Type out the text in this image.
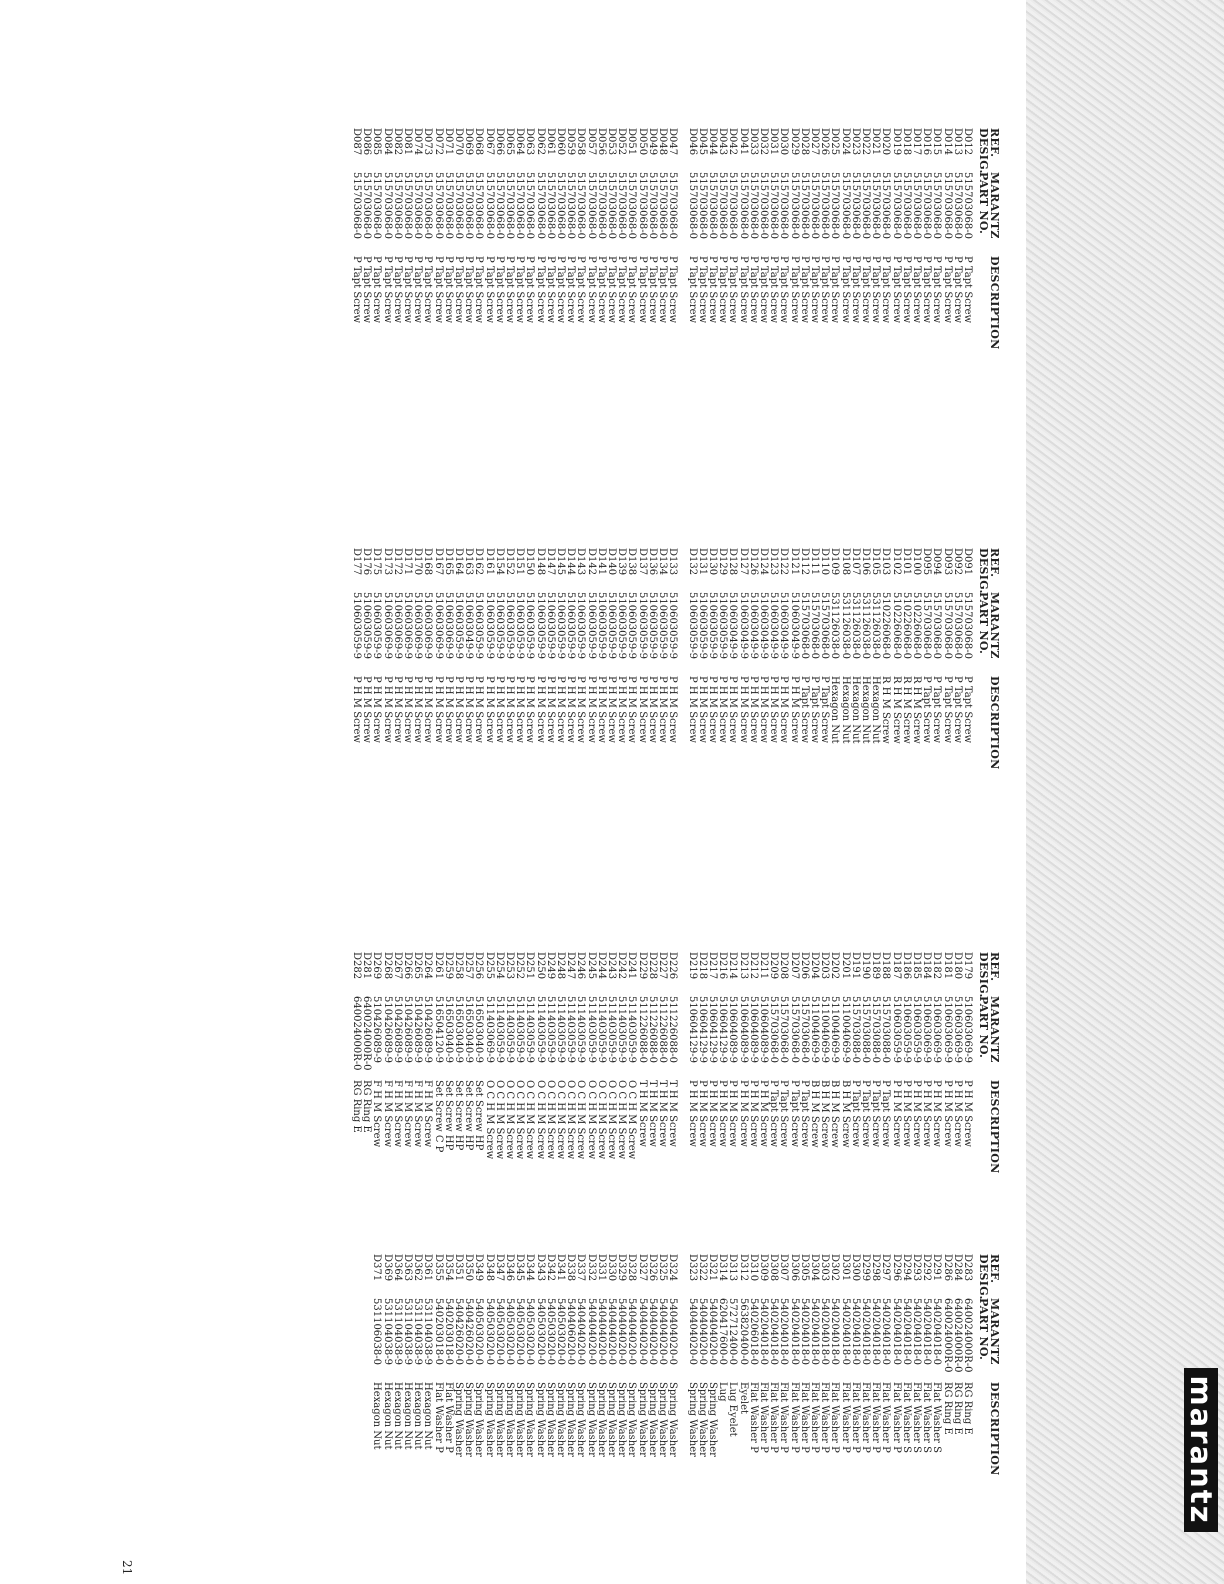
marantz
21
REF.
DESIG.
MARANTZ
PART NO.
DESCRIPTION
D012
515703068-0
P Tapt Screw
D013
515703068-0
P Tapt Screw
D014
515703068-0
P Tapt Screw
D015
515703068-0
P Tapt Screw
D016
515703068-0
P Tapt Screw
D017
515703068-0
P Tapt Screw
D018
515703068-0
P Tapt Screw
D019
515703068-0
P Tapt Screw
D020
515703068-0
P Tapt Screw
D021
515703068-0
P Tapt Screw
D022
515703068-0
P Tapt Screw
D023
515703068-0
P Tapt Screw
D024
515703068-0
P Tapt Screw
D025
515703068-0
P Tapt Screw
D026
515703068-0
P Tapt Screw
D027
515703068-0
P Tapt Screw
D028
515703068-0
P Tapt Screw
D029
515703068-0
P Tapt Screw
D030
515703068-0
P Tapt Screw
D031
515703068-0
P Tapt Screw
D032
515703068-0
P Tapt Screw
D033
515703068-0
P Tapt Screw
D041
515703068-0
P Tapt Screw
D042
515703068-0
P Tapt Screw
D043
515703068-0
P Tapt Screw
D044
515703068-0
P Tapt Screw
D045
515703068-0
P Tapt Screw
D046
515703068-0
P Tapt Screw
D047
515703068-0
P Tapt Screw
D048
515703068-0
P Tapt Screw
D049
515703068-0
P Tapt Screw
D050
515703068-0
P Tapt Screw
D051
515703068-0
P Tapt Screw
D052
515703068-0
P Tapt Screw
D053
515703068-0
P Tapt Screw
D056
515703068-0
P Tapt Screw
D057
515703068-0
P Tapt Screw
D058
515703068-0
P Tapt Screw
D059
515703068-0
P Tapt Screw
D060
515703068-0
P Tapt Screw
D061
515703068-0
P Tapt Screw
D062
515703068-0
P Tapt Screw
D063
515703068-0
P Tapt Screw
D064
515703068-0
P Tapt Screw
D065
515703068-0
P Tapt Screw
D066
515703068-0
P Tapt Screw
D067
515703068-0
P Tapt Screw
D068
515703068-0
P Tapt Screw
D069
515703068-0
P Tapt Screw
D070
515703068-0
P Tapt Screw
D071
515703068-0
P Tapt Screw
D072
515703068-0
P Tapt Screw
D073
515703068-0
P Tapt Screw
D074
515703068-0
P Tapt Screw
D081
515703068-0
P Tapt Screw
D082
515703068-0
P Tapt Screw
D084
515703068-0
P Tapt Screw
D085
515703068-0
P Tapt Screw
D086
515703068-0
P Tapt Screw
D087
515703068-0
P Tapt Screw
REF.
DESIG.
MARANTZ
PART NO.
DESCRIPTION
D091
515703068-0
P Tapt Screw
D092
515703068-0
P Tapt Screw
D093
515703068-0
P Tapt Screw
D094
515703068-0
P Tapt Screw
D095
515703068-0
P Tapt Screw
D100
510226068-0
R H M Screw
D101
510226068-0
R H M Screw
D102
510226068-0
R H M Screw
D103
510226068-0
R H M Screw
D105
531126038-0
Hexagon Nut
D106
531126038-0
Hexagon Nut
D107
531126038-0
Hexagon Nut
D108
531126038-0
Hexagon Nut
D109
531126038-0
Hexagon Nut
D110
515703068-0
P Tapt Screw
D111
515703068-0
P Tapt Screw
D112
515703068-0
P Tapt Screw
D121
510603049-9
P H M Screw
D122
510603049-9
P H M Screw
D123
510603049-9
P H M Screw
D124
510603049-9
P H M Screw
D126
510603049-9
P H M Screw
D127
510603049-9
P H M Screw
D128
510603049-9
P H M Screw
D129
510603059-9
P H M Screw
D130
510603059-9
P H M Screw
D131
510603059-9
P H M Screw
D132
510603059-9
P H M Screw
D133
510603059-9
P H M Screw
D134
510603059-9
P H M Screw
D136
510603059-9
P H M Screw
D137
510603059-9
P H M Screw
D138
510603059-9
P H M Screw
D139
510603059-9
P H M Screw
D140
510603059-9
P H M Screw
D141
510603059-9
P H M Screw
D142
510603059-9
P H M Screw
D143
510603059-9
P H M Screw
D144
510603059-9
P H M Screw
D145
510603059-9
P H M Screw
D147
510603059-9
P H M Screw
D148
510603059-9
P H M Screw
D150
510603059-9
P H M Screw
D151
510603059-9
P H M Screw
D152
510603059-9
P H M Screw
D154
510603059-9
P H M Screw
D161
510603059-9
P H M Screw
D162
510603059-9
P H M Screw
D163
510603049-9
P H M Screw
D164
510603059-9
P H M Screw
D165
510603069-9
P H M Screw
D167
510603069-9
P H M Screw
D168
510603069-9
P H M Screw
D170
510603069-9
P H M Screw
D171
510603069-9
P H M Screw
D172
510603069-9
P H M Screw
D173
510603069-9
P H M Screw
D175
510603059-9
P H M Screw
D176
510603059-9
P H M Screw
D177
510603059-9
P H M Screw
REF.
DESIG.
MARANTZ
PART NO.
DESCRIPTION
D179
510603069-9
P H M Screw
D180
510603069-9
P H M Screw
D181
510603069-9
P H M Screw
D182
510603069-9
P H M Screw
D184
510603069-9
P H M Screw
D185
510603059-9
P H M Screw
D186
510603059-9
P H M Screw
D187
510603059-9
P H M Screw
D188
515703088-0
P Tapt Screw
D189
515703088-0
P Tapt Screw
D190
515703088-0
P Tapt Screw
D191
515703088-0
P Tapt Screw
D201
511004069-9
B H M Screw
D202
511004069-9
B H M Screw
D203
511004069-9
B H M Screw
D204
511004069-9
B H M Screw
D206
515703068-0
P Tapt Screw
D207
515703068-0
P Tapt Screw
D208
515703068-0
P Tapt Screw
D209
515703068-0
P Tapt Screw
D211
510604089-9
P H M Screw
D212
510604089-9
P H M Screw
D213
510604089-9
P H M Screw
D214
510604089-9
P H M Screw
D216
510604129-9
P H M Screw
D217
510604129-9
P H M Screw
D218
510604129-9
P H M Screw
D219
510604129-9
P H M Screw
D226
511226088-0
T H M Screw
D227
511226088-0
T H M Screw
D228
511226088-0
T H M Screw
D229
511226088-0
T H M Screw
D241
511403059-9
O C H M Screw
D242
511403059-9
O C H M Screw
D243
511403059-9
O C H M Screw
D244
511403059-9
O C H M Screw
D245
511403059-9
O C H M Screw
D246
511403059-9
O C H M Screw
D247
511403059-9
O C H M Screw
D248
511403059-9
O C H M Screw
D249
511403059-9
O C H M Screw
D250
511403059-9
O C H M Screw
D251
511403059-9
O C H M Screw
D252
511403059-9
O C H M Screw
D253
511403059-9
O C H M Screw
D254
511403059-9
O C H M Screw
D255
511403069-9
O C H M Screw
D256
516503040-9
Set Screw HP
D257
516503040-9
Set Screw HP
D258
516503040-9
Set Screw HP
D259
516503040-9
Set Screw HP
D261
516504120-9
Set Screw C P
D264
510426089-9
F H M Screw
D265
510426089-9
F H M Screw
D266
510426089-9
F H M Screw
D267
510426089-9
F H M Screw
D268
510426089-9
F H M Screw
D269
510426089-9
F H M Screw
D281
640024000R-0
RG Ring E
D282
640024000R-0
RG Ring E
REF.
DESIG.
MARANTZ
PART NO.
DESCRIPTION
D283
640024000R-0
RG Ring E
D284
640024000R-0
RG Ring E
D286
640024000R-0
RG Ring E
D291
540204018-0
Flat Washer S
D292
540204018-0
Flat Washer S
D293
540204018-0
Flat Washer S
D294
540204018-0
Flat Washer S
D296
540204018-0
Flat Washer P
D297
540204018-0
Flat Washer P
D298
540204018-0
Flat Washer P
D299
540204018-0
Flat Washer P
D300
540204018-0
Flat Washer P
D301
540204018-0
Flat Washer P
D302
540204018-0
Flat Washer P
D303
540204018-0
Flat Washer P
D304
540204018-0
Flat Washer P
D305
540204018-0
Flat Washer P
D306
540204018-0
Flat Washer P
D307
540204018-0
Flat Washer P
D308
540204018-0
Flat Washer P
D309
540204018-0
Flat Washer P
D310
540206018-0
Flat Washer P
D312
563820400-0
Eyelet
D313
572712400-0
Lug Eyelet
D314
620417600-0
Lug
D321
540404020-0
Spring Washer
D322
540404020-0
Spring Washer
D323
540404020-0
Spring Washer
D324
540404020-0
Spring Washer
D325
540404020-0
Spring Washer
D326
540404020-0
Spring Washer
D327
540404020-0
Spring Washer
D328
540404020-0
Spring Washer
D329
540404020-0
Spring Washer
D330
540404020-0
Spring Washer
D331
540404020-0
Spring Washer
D332
540404020-0
Spring Washer
D337
540404020-0
Spring Washer
D338
540406020-0
Spring Washer
D341
540503020-0
Spring Washer
D342
540503020-0
Spring Washer
D343
540503020-0
Spring Washer
D344
540503020-0
Spring Washer
D345
540503020-0
Spring Washer
D346
540503020-0
Spring Washer
D347
540503020-0
Spring Washer
D348
540503020-0
Spring Washer
D349
540503020-0
Spring Washer
D350
540426020-0
Spring Washer
D351
540426020-0
Spring Washer
D354
540203018-0
Flat Washer P
D355
540203018-0
Flat Washer P
D361
531104038-9
Hexagon Nut
D362
531104038-9
Hexagon Nut
D363
531104038-9
Hexagon Nut
D364
531104038-9
Hexagon Nut
D369
531104038-9
Hexagon Nut
D371
531106038-0
Hexagon Nut
